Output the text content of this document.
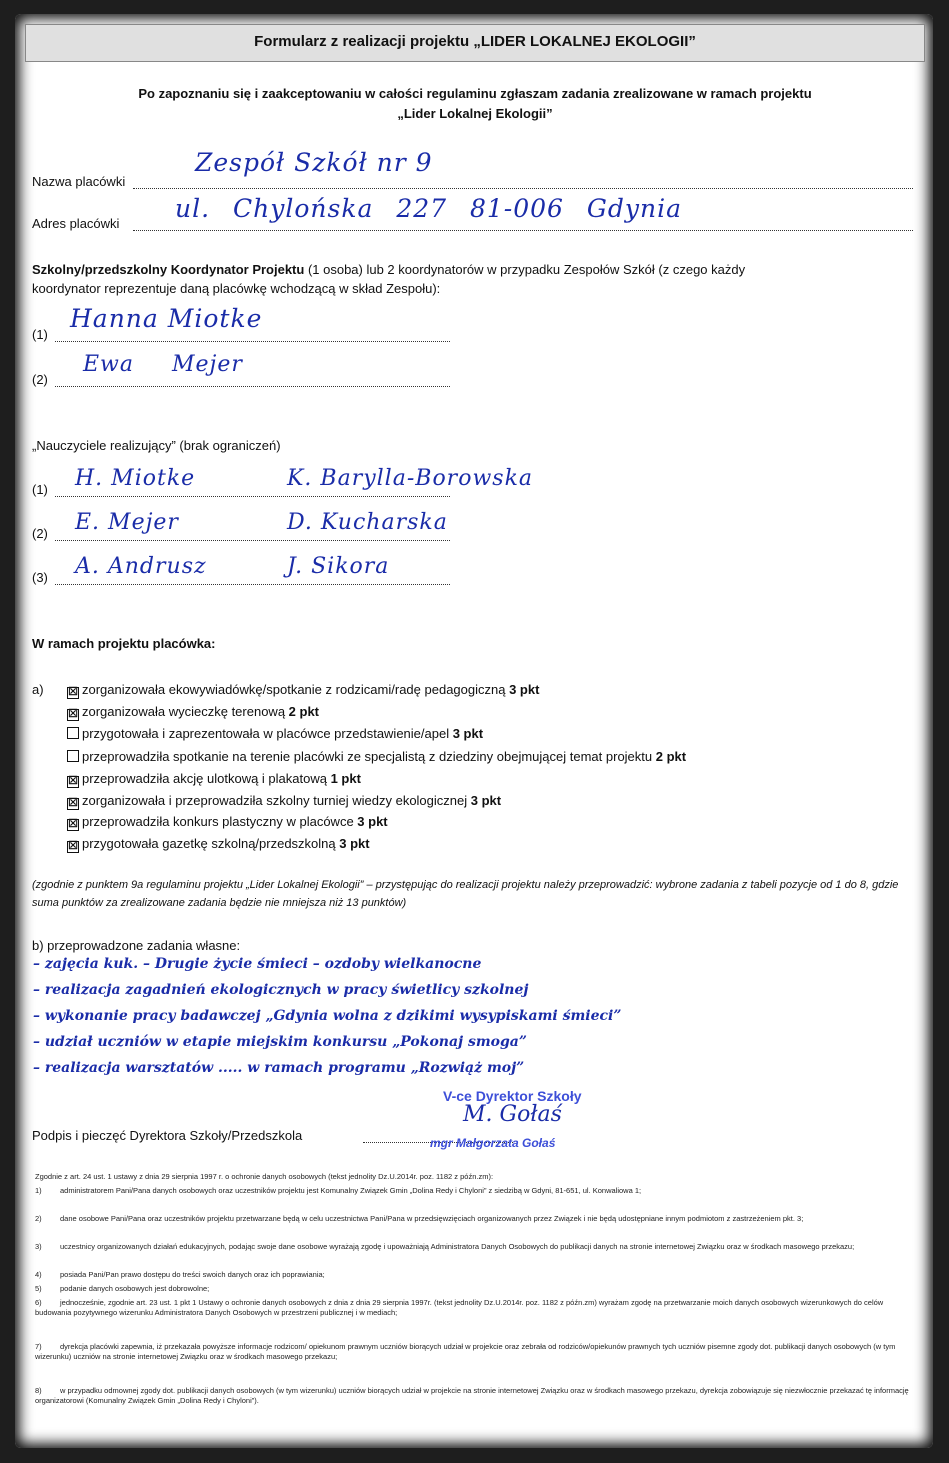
Formularz z realizacji projektu „LIDER LOKALNEJ EKOLOGII”
Po zapoznaniu się i zaakceptowaniu w całości regulaminu zgłaszam zadania zrealizowane w ramach projektu
„Lider Lokalnej Ekologii”
Nazwa placówki
Zespół Szkół nr 9
Adres placówki
ul. Chylońska 227 81-006 Gdynia
Szkolny/przedszkolny Koordynator Projektu (1 osoba) lub 2 koordynatorów w przypadku Zespołów Szkół (z czego każdy
koordynator reprezentuje daną placówkę wchodzącą w skład Zespołu):
(1)
Hanna Miotke
(2)
Ewa Mejer
„Nauczyciele realizujący” (brak ograniczeń)
(1) H. Miotke	K. Barylla-Borowska
(2) E. Mejer	D. Kucharska
(3) A. Andrusz	J. Sikora
W ramach projektu placówka:
a) ☒ zorganizowała ekowywiadówkę/spotkanie z rodzicami/radę pedagogiczną 3 pkt
☒ zorganizowała wycieczkę terenową 2 pkt
przygotowała i zaprezentowała w placówce przedstawienie/apel 3 pkt
przeprowadziła spotkanie na terenie placówki ze specjalistą z dziedziny obejmującej temat projektu 2 pkt
☒ przeprowadziła akcję ulotkową i plakatową 1 pkt
☒ zorganizowała i przeprowadziła szkolny turniej wiedzy ekologicznej 3 pkt
☒ przeprowadziła konkurs plastyczny w placówce 3 pkt
☒ przygotowała gazetkę szkolną/przedszkolną 3 pkt
(zgodnie z punktem 9a regulaminu projektu „Lider Lokalnej Ekologii” – przystępując do realizacji projektu należy przeprowadzić: wybrone zadania z tabeli pozycje od 1 do 8, gdzie suma punktów za zrealizowane zadania będzie nie mniejsza niż 13 punktów)
b) przeprowadzone zadania własne:
– zajęcia kuk. – Drugie życie śmieci – ozdoby wielkanocne
– realizacja zagadnień ekologicznych w pracy świetlicy szkolnej
– wykonanie pracy badawczej „Gdynia wolna z dzikimi wysypiskami śmieci”
– udział uczniów w etapie miejskim konkursu „Pokonaj smoga”
– realizacja warsztatów ..... w ramach programu „Rozwiąż moj”
V-ce Dyrektor Szkoły
M. Gołaś
Podpis i pieczęć Dyrektora Szkoły/Przedszkola	mgr Małgorzata Gołaś
Zgodnie z art. 24 ust. 1 ustawy z dnia 29 sierpnia 1997 r. o ochronie danych osobowych (tekst jednolity Dz.U.2014r. poz. 1182 z późn.zm):
1) administratorem Pani/Pana danych osobowych oraz uczestników projektu jest Komunalny Związek Gmin „Dolina Redy i Chyloni” z siedzibą w Gdyni, 81-651, ul. Konwaliowa 1;
2) dane osobowe Pani/Pana oraz uczestników projektu przetwarzane będą w celu uczestnictwa Pani/Pana w przedsięwzięciach organizowanych przez Związek i nie będą udostępniane innym podmiotom z zastrzeżeniem pkt. 3;
3) uczestnicy organizowanych działań edukacyjnych, podając swoje dane osobowe wyrażają zgodę i upoważniają Administratora Danych Osobowych do publikacji danych na stronie internetowej Związku oraz w środkach masowego przekazu;
4) posiada Pani/Pan prawo dostępu do treści swoich danych oraz ich poprawiania;
5) podanie danych osobowych jest dobrowolne;
6) jednocześnie, zgodnie art. 23 ust. 1 pkt 1 Ustawy o ochronie danych osobowych z dnia z dnia 29 sierpnia 1997r. (tekst jednolity Dz.U.2014r. poz. 1182 z późn.zm) wyrażam zgodę na przetwarzanie moich danych osobowych wizerunkowych do celów budowania pozytywnego wizerunku Administratora Danych Osobowych w przestrzeni publicznej i w mediach;
7) dyrekcja placówki zapewnia, iż przekazała powyższe informacje rodzicom/ opiekunom prawnym uczniów biorących udział w projekcie oraz zebrała od rodziców/opiekunów prawnych tych uczniów pisemne zgody dot. publikacji danych osobowych (w tym wizerunku) uczniów na stronie internetowej Związku oraz w środkach masowego przekazu;
8) w przypadku odmownej zgody dot. publikacji danych osobowych (w tym wizerunku) uczniów biorących udział w projekcie na stronie internetowej Związku oraz w środkach masowego przekazu, dyrekcja zobowiązuje się niezwłocznie przekazać tę informację organizatorowi (Komunalny Związek Gmin „Dolina Redy i Chyloni”).
